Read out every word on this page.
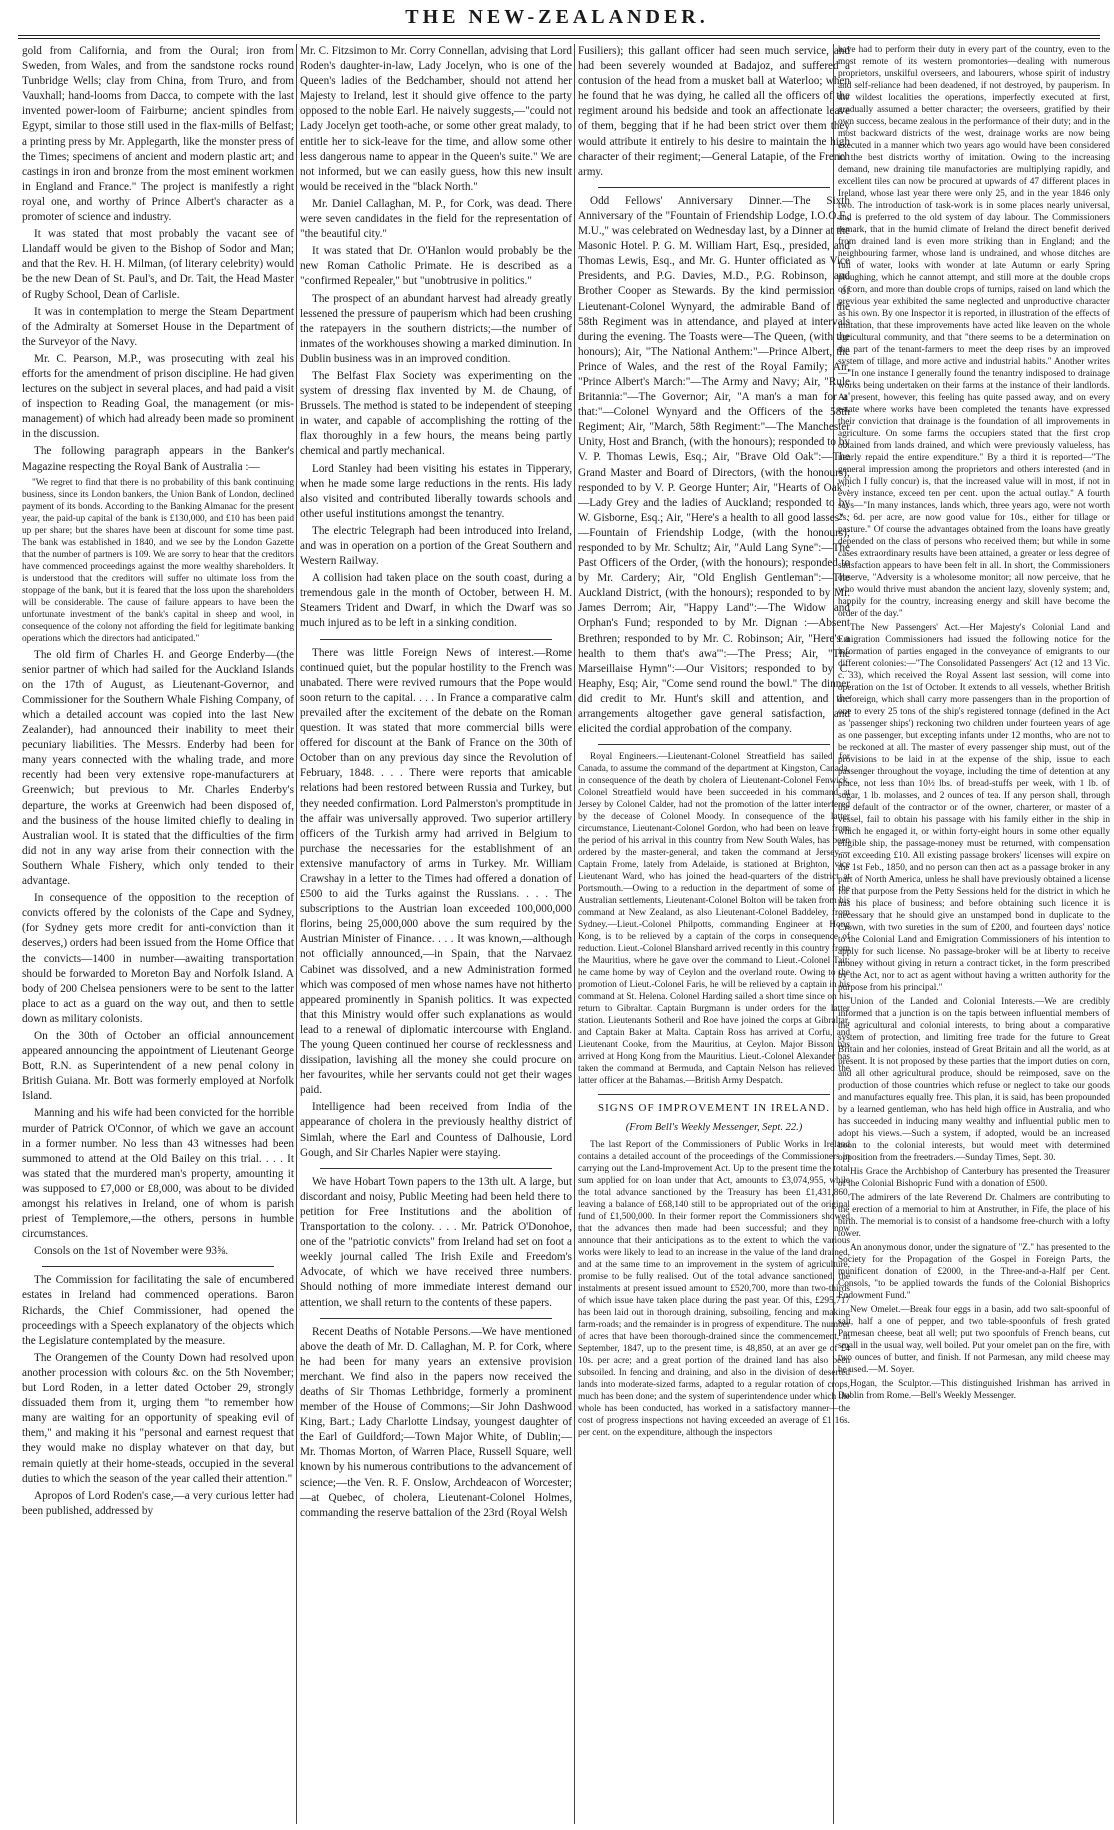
THE NEW-ZEALANDER.

gold from California, and from the Oural; iron from Sweden, from Wales, and from the sandstone rocks round Tunbridge Wells; clay from China, from Truro, and from Vauxhall; hand-looms from Dacca, to compete with the last invented power-loom of Fairburne; ancient spindles from Egypt, similar to those still used in the flax-mills of Belfast; a printing press by Mr. Applegarth, like the monster press of the Times; specimens of ancient and modern plastic art; and castings in iron and bronze from the most eminent workmen in England and France." The project is manifestly a right royal one, and worthy of Prince Albert's character as a promoter of science and industry.

It was stated that most probably the vacant see of Llandaff would be given to the Bishop of Sodor and Man; and that the Rev. H. H. Milman, (of literary celebrity) would be the new Dean of St. Paul's, and Dr. Tait, the Head Master of Rugby School, Dean of Carlisle.

It was in contemplation to merge the Steam Department of the Admiralty at Somerset House in the Department of the Surveyor of the Navy.

Mr. C. Pearson, M.P., was prosecuting with zeal his efforts for the amendment of prison discipline. He had given lectures on the subject in several places, and had paid a visit of inspection to Reading Goal, the management (or mis-management) of which had already been made so prominent in the discussion.

The following paragraph appears in the Banker's Magazine respecting the Royal Bank of Australia :—

"We regret to find that there is no probability of this bank continuing business, since its London bankers, the Union Bank of London, declined payment of its bonds. According to the Banking Almanac for the present year, the paid-up capital of the bank is £130,000, and £10 has been paid up per share; but the shares have been at discount for some time past. The bank was established in 1840, and we see by the London Gazette that the number of partners is 109. We are sorry to hear that the creditors have commenced proceedings against the more wealthy shareholders. It is understood that the creditors will suffer no ultimate loss from the stoppage of the bank, but it is feared that the loss upon the shareholders will be considerable. The cause of failure appears to have been the unfortunate investment of the bank's capital in sheep and wool, in consequence of the colony not affording the field for legitimate banking operations which the directors had anticipated."

The old firm of Charles H. and George Enderby—(the senior partner of which had sailed for the Auckland Islands on the 17th of August, as Lieutenant-Governor, and Commissioner for the Southern Whale Fishing Company, of which a detailed account was copied into the last New Zealander), had announced their inability to meet their pecuniary liabilities. The Messrs. Enderby had been for many years connected with the whaling trade, and more recently had been very extensive rope-manufacturers at Greenwich; but previous to Mr. Charles Enderby's departure, the works at Greenwich had been disposed of, and the business of the house limited chiefly to dealing in Australian wool. It is stated that the difficulties of the firm did not in any way arise from their connection with the Southern Whale Fishery, which only tended to their advantage.

In consequence of the opposition to the reception of convicts offered by the colonists of the Cape and Sydney, (for Sydney gets more credit for anti-conviction than it deserves,) orders had been issued from the Home Office that the convicts—1400 in number—awaiting transportation should be forwarded to Moreton Bay and Norfolk Island. A body of 200 Chelsea pensioners were to be sent to the latter place to act as a guard on the way out, and then to settle down as military colonists.

On the 30th of October an official announcement appeared announcing the appointment of Lieutenant George Bott, R.N. as Superintendent of a new penal colony in British Guiana. Mr. Bott was formerly employed at Norfolk Island.

Manning and his wife had been convicted for the horrible murder of Patrick O'Connor, of which we gave an account in a former number. No less than 43 witnesses had been summoned to attend at the Old Bailey on this trial. . . . It was stated that the murdered man's property, amounting it was supposed to £7,000 or £8,000, was about to be divided amongst his relatives in Ireland, one of whom is parish priest of Templemore,—the others, persons in humble circumstances.

Consols on the 1st of November were 93⅝.

The Commission for facilitating the sale of encumbered estates in Ireland had commenced operations. Baron Richards, the Chief Commissioner, had opened the proceedings with a Speech explanatory of the objects which the Legislature contemplated by the measure.

The Orangemen of the County Down had resolved upon another procession with colours &c. on the 5th November; but Lord Roden, in a letter dated October 29, strongly dissuaded them from it, urging them "to remember how many are waiting for an opportunity of speaking evil of them," and making it his "personal and earnest request that they would make no display whatever on that day, but remain quietly at their home-steads, occupied in the several duties to which the season of the year called their attention."

Apropos of Lord Roden's case,—a very curious letter had been published, addressed by

Mr. C. Fitzsimon to Mr. Corry Connellan, advising that Lord Roden's daughter-in-law, Lady Jocelyn, who is one of the Queen's ladies of the Bedchamber, should not attend her Majesty to Ireland, lest it should give offence to the party opposed to the noble Earl. He naively suggests,—"could not Lady Jocelyn get tooth-ache, or some other great malady, to entitle her to sick-leave for the time, and allow some other less dangerous name to appear in the Queen's suite." We are not informed, but we can easily guess, how this new insult would be received in the "black North."

Mr. Daniel Callaghan, M. P., for Cork, was dead. There were seven candidates in the field for the representation of "the beautiful city."

It was stated that Dr. O'Hanlon would probably be the new Roman Catholic Primate. He is described as a "confirmed Repealer," but "unobtrusive in politics."

The prospect of an abundant harvest had already greatly lessened the pressure of pauperism which had been crushing the ratepayers in the southern districts;—the number of inmates of the workhouses showing a marked diminution. In Dublin business was in an improved condition.

The Belfast Flax Society was experimenting on the system of dressing flax invented by M. de Chaung, of Brussels. The method is stated to be independent of steeping in water, and capable of accomplishing the rotting of the flax thoroughly in a few hours, the means being partly chemical and partly mechanical.

Lord Stanley had been visiting his estates in Tipperary, when he made some large reductions in the rents. His lady also visited and contributed liberally towards schools and other useful institutions amongst the tenantry.

The electric Telegraph had been introduced into Ireland, and was in operation on a portion of the Great Southern and Western Railway.

A collision had taken place on the south coast, during a tremendous gale in the month of October, between H. M. Steamers Trident and Dwarf, in which the Dwarf was so much injured as to be left in a sinking condition.

There was little Foreign News of interest.—Rome continued quiet, but the popular hostility to the French was unabated. There were revived rumours that the Pope would soon return to the capital. . . . In France a comparative calm prevailed after the excitement of the debate on the Roman question. It was stated that more commercial bills were offered for discount at the Bank of France on the 30th of October than on any previous day since the Revolution of February, 1848. . . . There were reports that amicable relations had been restored between Russia and Turkey, but they needed confirmation. Lord Palmerston's promptitude in the affair was universally approved. Two superior artillery officers of the Turkish army had arrived in Belgium to purchase the necessaries for the establishment of an extensive manufactory of arms in Turkey. Mr. William Crawshay in a letter to the Times had offered a donation of £500 to aid the Turks against the Russians. . . . The subscriptions to the Austrian loan exceeded 100,000,000 florins, being 25,000,000 above the sum required by the Austrian Minister of Finance. . . . It was known,—although not officially announced,—in Spain, that the Narvaez Cabinet was dissolved, and a new Administration formed which was composed of men whose names have not hitherto appeared prominently in Spanish politics. It was expected that this Ministry would offer such explanations as would lead to a renewal of diplomatic intercourse with England. The young Queen continued her course of recklessness and dissipation, lavishing all the money she could procure on her favourites, while her servants could not get their wages paid.

Intelligence had been received from India of the appearance of cholera in the previously healthy district of Simlah, where the Earl and Countess of Dalhousie, Lord Gough, and Sir Charles Napier were staying.

We have Hobart Town papers to the 13th ult. A large, but discordant and noisy, Public Meeting had been held there to petition for Free Institutions and the abolition of Transportation to the colony. . . . Mr. Patrick O'Donohoe, one of the "patriotic convicts" from Ireland had set on foot a weekly journal called The Irish Exile and Freedom's Advocate, of which we have received three numbers. Should nothing of more immediate interest demand our attention, we shall return to the contents of these papers.

Recent Deaths of Notable Persons.—We have mentioned above the death of Mr. D. Callaghan, M. P. for Cork, where he had been for many years an extensive provision merchant. We find also in the papers now received the deaths of Sir Thomas Lethbridge, formerly a prominent member of the House of Commons;—Sir John Dashwood King, Bart.; Lady Charlotte Lindsay, youngest daughter of the Earl of Guildford;—Town Major White, of Dublin;—Mr. Thomas Morton, of Warren Place, Russell Square, well known by his numerous contributions to the advancement of science;—the Ven. R. F. Onslow, Archdeacon of Worcester;—at Quebec, of cholera, Lieutenant-Colonel Holmes, commanding the reserve battalion of the 23rd (Royal Welsh

Fusiliers); this gallant officer had seen much service, and had been severely wounded at Badajoz, and suffered a contusion of the head from a musket ball at Waterloo; when he found that he was dying, he called all the officers of the regiment around his bedside and took an affectionate leave of them, begging that if he had been strict over them they would attribute it entirely to his desire to maintain the high character of their regiment;—General Latapie, of the French army.

Odd Fellows' Anniversary Dinner.—The Sixth Anniversary of the "Fountain of Friendship Lodge, I.O.O.F., M.U.," was celebrated on Wednesday last, by a Dinner at the Masonic Hotel. P. G. M. William Hart, Esq., presided, and Thomas Lewis, Esq., and Mr. G. Hunter officiated as Vice Presidents, and P.G. Davies, M.D., P.G. Robinson, and Brother Cooper as Stewards. By the kind permission of Lieutenant-Colonel Wynyard, the admirable Band of the 58th Regiment was in attendance, and played at intervals during the evening. The Toasts were—The Queen, (with the honours); Air, "The National Anthem:"—Prince Albert, the Prince of Wales, and the rest of the Royal Family; Air, "Prince Albert's March:"—The Army and Navy; Air, "Rule Britannia:"—The Governor; Air, "A man's a man for a' that:"—Colonel Wynyard and the Officers of the 58th Regiment; Air, "March, 58th Regiment:"—The Manchester Unity, Host and Branch, (with the honours); responded to by V. P. Thomas Lewis, Esq.; Air, "Brave Old Oak":—The Grand Master and Board of Directors, (with the honours); responded to by V. P. George Hunter; Air, "Hearts of Oak": —Lady Grey and the ladies of Auckland; responded to by W. Gisborne, Esq.; Air, "Here's a health to all good lasses" :—Fountain of Friendship Lodge, (with the honours); responded to by Mr. Schultz; Air, "Auld Lang Syne":—The Past Officers of the Order, (with the honours); responded to by Mr. Cardery; Air, "Old English Gentleman":—The Auckland District, (with the honours); responded to by Mr. James Derrom; Air, "Happy Land":—The Widow and Orphan's Fund; responded to by Mr. Dignan :—Absent Brethren; responded to by Mr. C. Robinson; Air, "Here's a health to them that's awa'":—The Press; Air, "The Marseillaise Hymn":—Our Visitors; responded to by C. Heaphy, Esq; Air, "Come send round the bowl." The dinner did credit to Mr. Hunt's skill and attention, and the arrangements altogether gave general satisfaction, and elicited the cordial approbation of the company.

Royal Engineers.—Lieutenant-Colonel Streatfield has sailed for Canada, to assume the command of the department at Kingston, Canada, in consequence of the death by cholera of Lieutenant-Colonel Fenwick. Colonel Streatfield would have been succeeded in his command at Jersey by Colonel Calder, had not the promotion of the latter interfered by the decease of Colonel Moody. In consequence of the latter circumstance, Lieutenant-Colonel Gordon, who had been on leave from the period of his arrival in this country from New South Wales, has been ordered by the master-general, and taken the command at Jersey.—Captain Frome, lately from Adelaide, is stationed at Brighton, vice Lieutenant Ward, who has joined the head-quarters of the district at Portsmouth.—Owing to a reduction in the department of some of the Australian settlements, Lieutenant-Colonel Bolton will be taken from his command at New Zealand, as also Lieutenant-Colonel Baddeley, from Sydney.—Lieut.-Colonel Philpotts, commanding Engineer at Hong Kong, is to be relieved by a captain of the corps in consequence of reduction. Lieut.-Colonel Blanshard arrived recently in this country from the Mauritius, where he gave over the command to Lieut.-Colonel Tait; he came home by way of Ceylon and the overland route. Owing to the promotion of Lieut.-Colonel Faris, he will be relieved by a captain in his command at St. Helena. Colonel Harding sailed a short time since on his return to Gibraltar. Captain Burgmann is under orders for the latter station. Lieutenants Sotheril and Roe have joined the corps at Gibraltar, and Captain Baker at Malta. Captain Ross has arrived at Corfu, and Lieutenant Cooke, from the Mauritius, at Ceylon. Major Bisson has arrived at Hong Kong from the Mauritius. Lieut.-Colonel Alexander has taken the command at Bermuda, and Captain Nelson has relieved the latter officer at the Bahamas.—British Army Despatch.

SIGNS OF IMPROVEMENT IN IRELAND.
(From Bell's Weekly Messenger, Sept. 22.)

The last Report of the Commissioners of Public Works in Ireland contains a detailed account of the proceedings of the Commissioners in carrying out the Land-Improvement Act. Up to the present time the total sum applied for on loan under that Act, amounts to £3,074,955, while the total advance sanctioned by the Treasury has been £1,431,860, leaving a balance of £68,140 still to be appropriated out of the original fund of £1,500,000. In their former report the Commissioners showed that the advances then made had been successful; and they now announce that their anticipations as to the extent to which the various works were likely to lead to an increase in the value of the land drained, and at the same time to an improvement in the system of agriculture, promise to be fully realised. Out of the total advance sanctioned, the instalments at present issued amount to £520,700, more than two-thirds of which issue have taken place during the past year. Of this, £295,717 has been laid out in thorough draining, subsoiling, fencing and making farm-roads; and the remainder is in progress of expenditure. The number of acres that have been thorough-drained since the commencement, in September, 1847, up to the present time, is 48,850, at an aver ge of £4 10s. per acre; and a great portion of the drained land has also been subsoiled. In fencing and draining, and also in the division of deserted lands into moderate-sized farms, adapted to a regular rotation of crops, much has been done; and the system of superintendence under which the whole has been conducted, has worked in a satisfactory manner—the cost of progress inspections not having exceeded an average of £1 16s. per cent. on the expenditure, although the inspectors

have had to perform their duty in every part of the country, even to the most remote of its western promontories—dealing with numerous proprietors, unskilful overseers, and labourers, whose spirit of industry and self-reliance had been deadened, if not destroyed, by pauperism. In the wildest localities the operations, imperfectly executed at first, gradually assumed a better character; the overseers, gratified by their own success, became zealous in the performance of their duty; and in the most backward districts of the west, drainage works are now being executed in a manner which two years ago would have been considered in the best districts worthy of imitation. Owing to the increasing demand, new draining tile manufactories are multiplying rapidly, and excellent tiles can now be procured at upwards of 47 different places in Ireland, whose last year there were only 25, and in the year 1846 only two. The introduction of task-work is in some places nearly universal, and is preferred to the old system of day labour. The Commissioners remark, that in the humid climate of Ireland the direct benefit derived from drained land is even more striking than in England; and the neighbouring farmer, whose land is undrained, and whose ditches are full of water, looks with wonder at late Autumn or early Spring ploughing, which he cannot attempt, and still more at the double crops of corn, and more than double crops of turnips, raised on land which the previous year exhibited the same neglected and unproductive character as his own. By one Inspector it is reported, in illustration of the effects of imitation, that these improvements have acted like leaven on the whole agricultural community, and that "there seems to be a determination on the part of the tenant-farmers to meet the deep rises by an improved system of tillage, and more active and industrial habits." Another writes—"In one instance I generally found the tenantry indisposed to drainage works being undertaken on their farms at the instance of their landlords. At present, however, this feeling has quite passed away, and on every estate where works have been completed the tenants have expressed their conviction that drainage is the foundation of all improvements in agriculture. On some farms the occupiers stated that the first crop obtained from lands drained, and which were previously valueless, has nearly repaid the entire expenditure." By a third it is reported—"The general impression among the proprietors and others interested (and in which I fully concur) is, that the increased value will in most, if not in every instance, exceed ten per cent. upon the actual outlay." A fourth says—"In many instances, lands which, three years ago, were not worth 2s. 6d. per acre, are now good value for 10s., either for tillage or pasture." Of course the advantages obtained from the loans have greatly depended on the class of persons who received them; but while in some cases extraordinary results have been attained, a greater or less degree of satisfaction appears to have been felt in all. In short, the Commissioners observe, "Adversity is a wholesome monitor; all now perceive, that he who would thrive must abandon the ancient lazy, slovenly system; and, happily for the country, increasing energy and skill have become the order of the day."

The New Passengers' Act.—Her Majesty's Colonial Land and Emigration Commissioners had issued the following notice for the information of parties engaged in the conveyance of emigrants to our different colonies:—"The Consolidated Passengers' Act (12 and 13 Vic. c. 33), which received the Royal Assent last session, will come into operation on the 1st of October. It extends to all vessels, whether British or foreign, which shall carry more passengers than in the proportion of one to every 25 tons of the ship's registered tonnage (defined in the Act as 'passenger ships') reckoning two children under fourteen years of age as one passenger, but excepting infants under 12 months, who are not to be reckoned at all. The master of every passenger ship must, out of the provisions to be laid in at the expense of the ship, issue to each passenger throughout the voyage, including the time of detention at any place, not less than 10½ lbs. of bread-stuffs per week, with 1 lb. of sugar, 1 lb. molasses, and 2 ounces of tea. If any person shall, through the default of the contractor or of the owner, charterer, or master of a vessel, fail to obtain his passage with his family either in the ship in which he engaged it, or within forty-eight hours in some other equally eligible ship, the passage-money must be returned, with compensation not exceeding £10. All existing passage brokers' licenses will expire on the 1st Feb., 1850, and no person can then act as a passage broker in any part of North America, unless he shall have previously obtained a license for that purpose from the Petty Sessions held for the district in which he has his place of business; and before obtaining such licence it is necessary that he should give an unstamped bond in duplicate to the Crown, with two sureties in the sum of £200, and fourteen days' notice to the Colonial Land and Emigration Commissioners of his intention to apply for such license. No passage-broker will be at liberty to receive money without giving in return a contract ticket, in the form prescribed by the Act, nor to act as agent without having a written authority for the purpose from his principal."

Union of the Landed and Colonial Interests.—We are credibly informed that a junction is on the tapis between influential members of the agricultural and colonial interests, to bring about a comparative system of protection, and limiting free trade for the future to Great Britain and her colonies, instead of Great Britain and all the world, as at present. It is not proposed by these parties that the import duties on corn, and all other agricultural produce, should be reimposed, save on the production of those countries which refuse or neglect to take our goods and manufactures equally free. This plan, it is said, has been propounded by a learned gentleman, who has held high office in Australia, and who has succeeded in inducing many wealthy and influential public men to adopt his views.—Such a system, if adopted, would be an increased boon to the colonial interests, but would meet with determined opposition from the freetraders.—Sunday Times, Sept. 30.

His Grace the Archbishop of Canterbury has presented the Treasurer of the Colonial Bishopric Fund with a donation of £500.

The admirers of the late Reverend Dr. Chalmers are contributing to the erection of a memorial to him at Anstruther, in Fife, the place of his birth. The memorial is to consist of a handsome free-church with a lofty tower.

An anonymous donor, under the signature of "Z." has presented to the Society for the Propagation of the Gospel in Foreign Parts, the munificent donation of £2000, in the Three-and-a-Half per Cent. Consols, "to be applied towards the funds of the Colonial Bishoprics Endowment Fund."

New Omelet.—Break four eggs in a basin, add two salt-spoonful of salt, half a one of pepper, and two table-spoonfuls of fresh grated Parmesan cheese, beat all well; put two spoonfuls of French beans, cut small in the usual way, well boiled. Put your omelet pan on the fire, with two ounces of butter, and finish. If not Parmesan, any mild cheese may be used.—M. Soyer.

Hogan, the Sculptor.—This distinguished Irishman has arrived in Dublin from Rome.—Bell's Weekly Messenger.
